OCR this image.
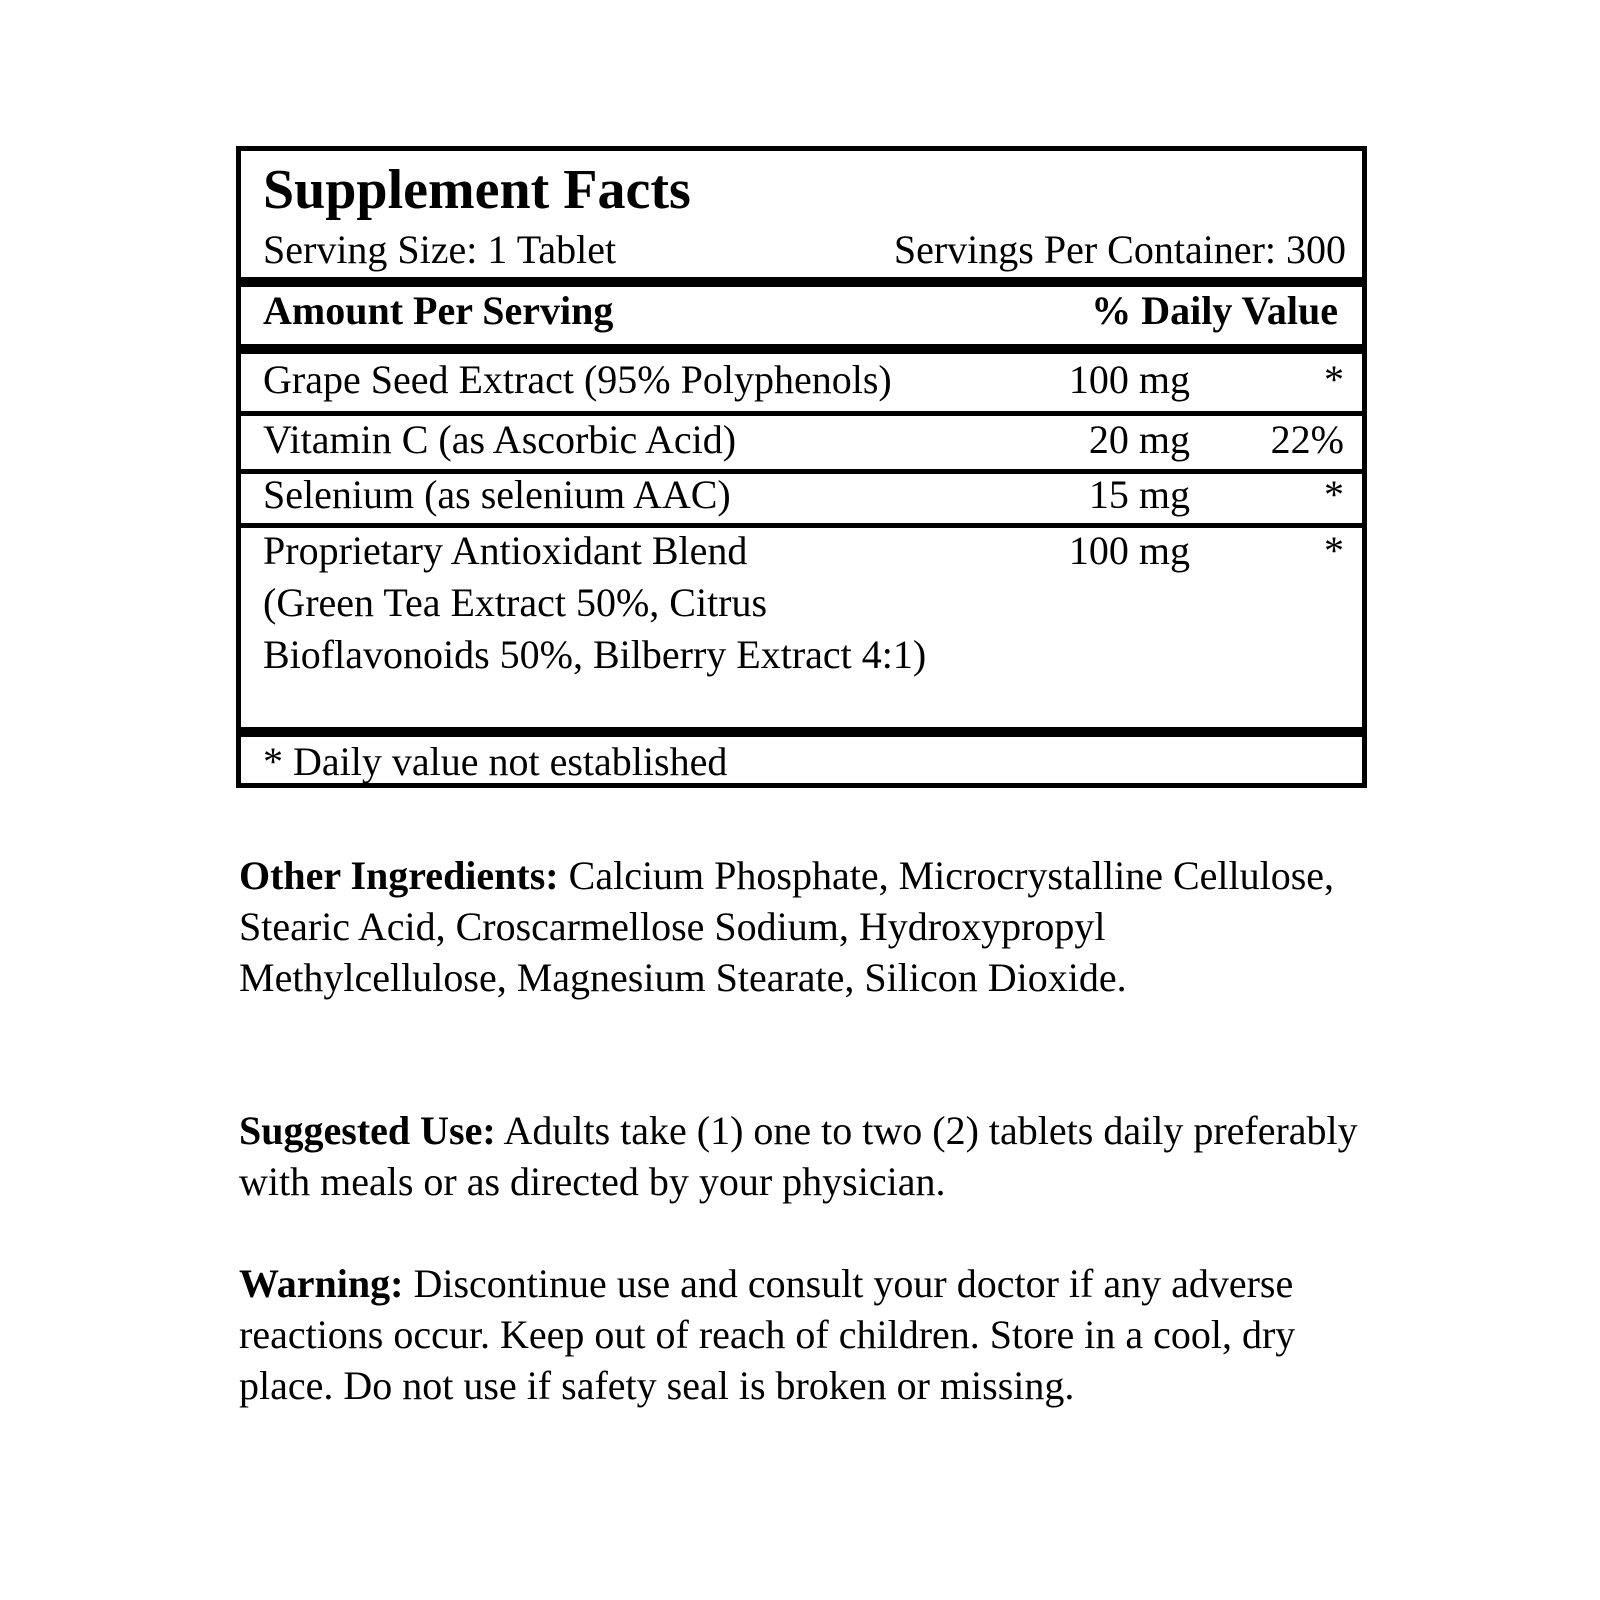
Supplement Facts
Serving Size: 1 Tablet	Servings Per Container: 300
Amount Per Serving	% Daily Value
Grape Seed Extract (95% Polyphenols)	100 mg	*
Vitamin C (as Ascorbic Acid)	20 mg 22%
Selenium (as selenium AAC)	15 mg	*
Proprietary Antioxidant Blend	100 mg	*
(Green Tea Extract 50%, Citrus Bioflavonoids 50%, Bilberry Extract 4:1)
* Daily value not established

Other Ingredients: Calcium Phosphate, Microcrystalline Cellulose, Stearic Acid, Croscarmellose Sodium, Hydroxypropyl Methylcellulose, Magnesium Stearate, Silicon Dioxide.

Suggested Use: Adults take (1) one to two (2) tablets daily preferably with meals or as directed by your physician.

Warning: Discontinue use and consult your doctor if any adverse reactions occur. Keep out of reach of children. Store in a cool, dry place. Do not use if safety seal is broken or missing.
